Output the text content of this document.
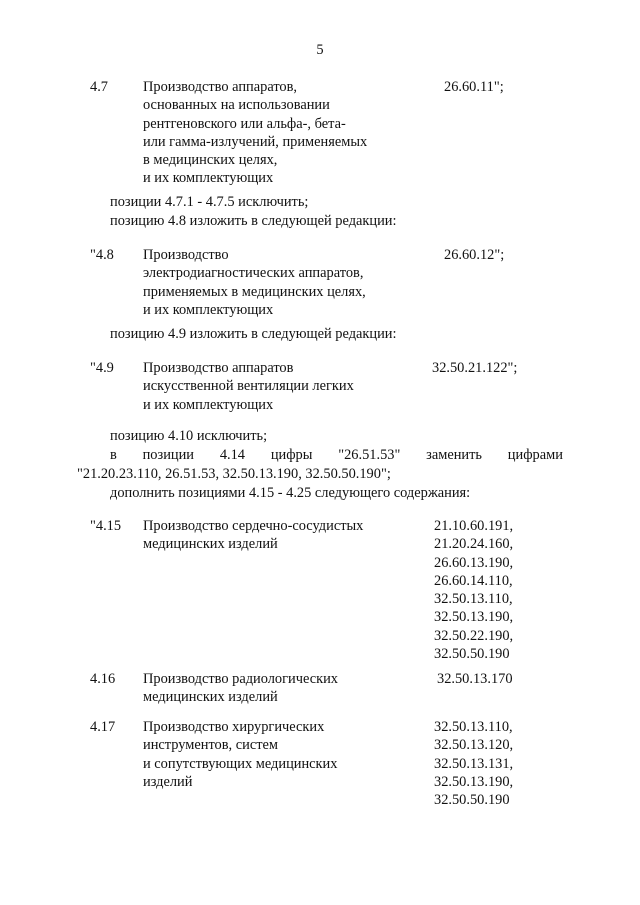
5
4.7 Производство аппаратов,
основанных на использовании
рентгеновского или альфа-, бета-
или гамма-излучений, применяемых
в медицинских целях,
и их комплектующих
26.60.11";
позиции 4.7.1 - 4.7.5 исключить;
позицию 4.8 изложить в следующей редакции:
"4.8 Производство
электродиагностических аппаратов,
применяемых в медицинских целях,
и их комплектующих
26.60.12";
позицию 4.9 изложить в следующей редакции:
"4.9 Производство аппаратов
искусственной вентиляции легких
и их комплектующих
32.50.21.122";
позицию 4.10 исключить;
в позиции 4.14 цифры "26.51.53" заменить цифрами
"21.20.23.110, 26.51.53, 32.50.13.190, 32.50.50.190";
дополнить позициями 4.15 - 4.25 следующего содержания:
"4.15 Производство сердечно-сосудистых
медицинских изделий
21.10.60.191,
21.20.24.160,
26.60.13.190,
26.60.14.110,
32.50.13.110,
32.50.13.190,
32.50.22.190,
32.50.50.190
4.16 Производство радиологических
медицинских изделий
32.50.13.170
4.17 Производство хирургических
инструментов, систем
и сопутствующих медицинских
изделий
32.50.13.110,
32.50.13.120,
32.50.13.131,
32.50.13.190,
32.50.50.190
